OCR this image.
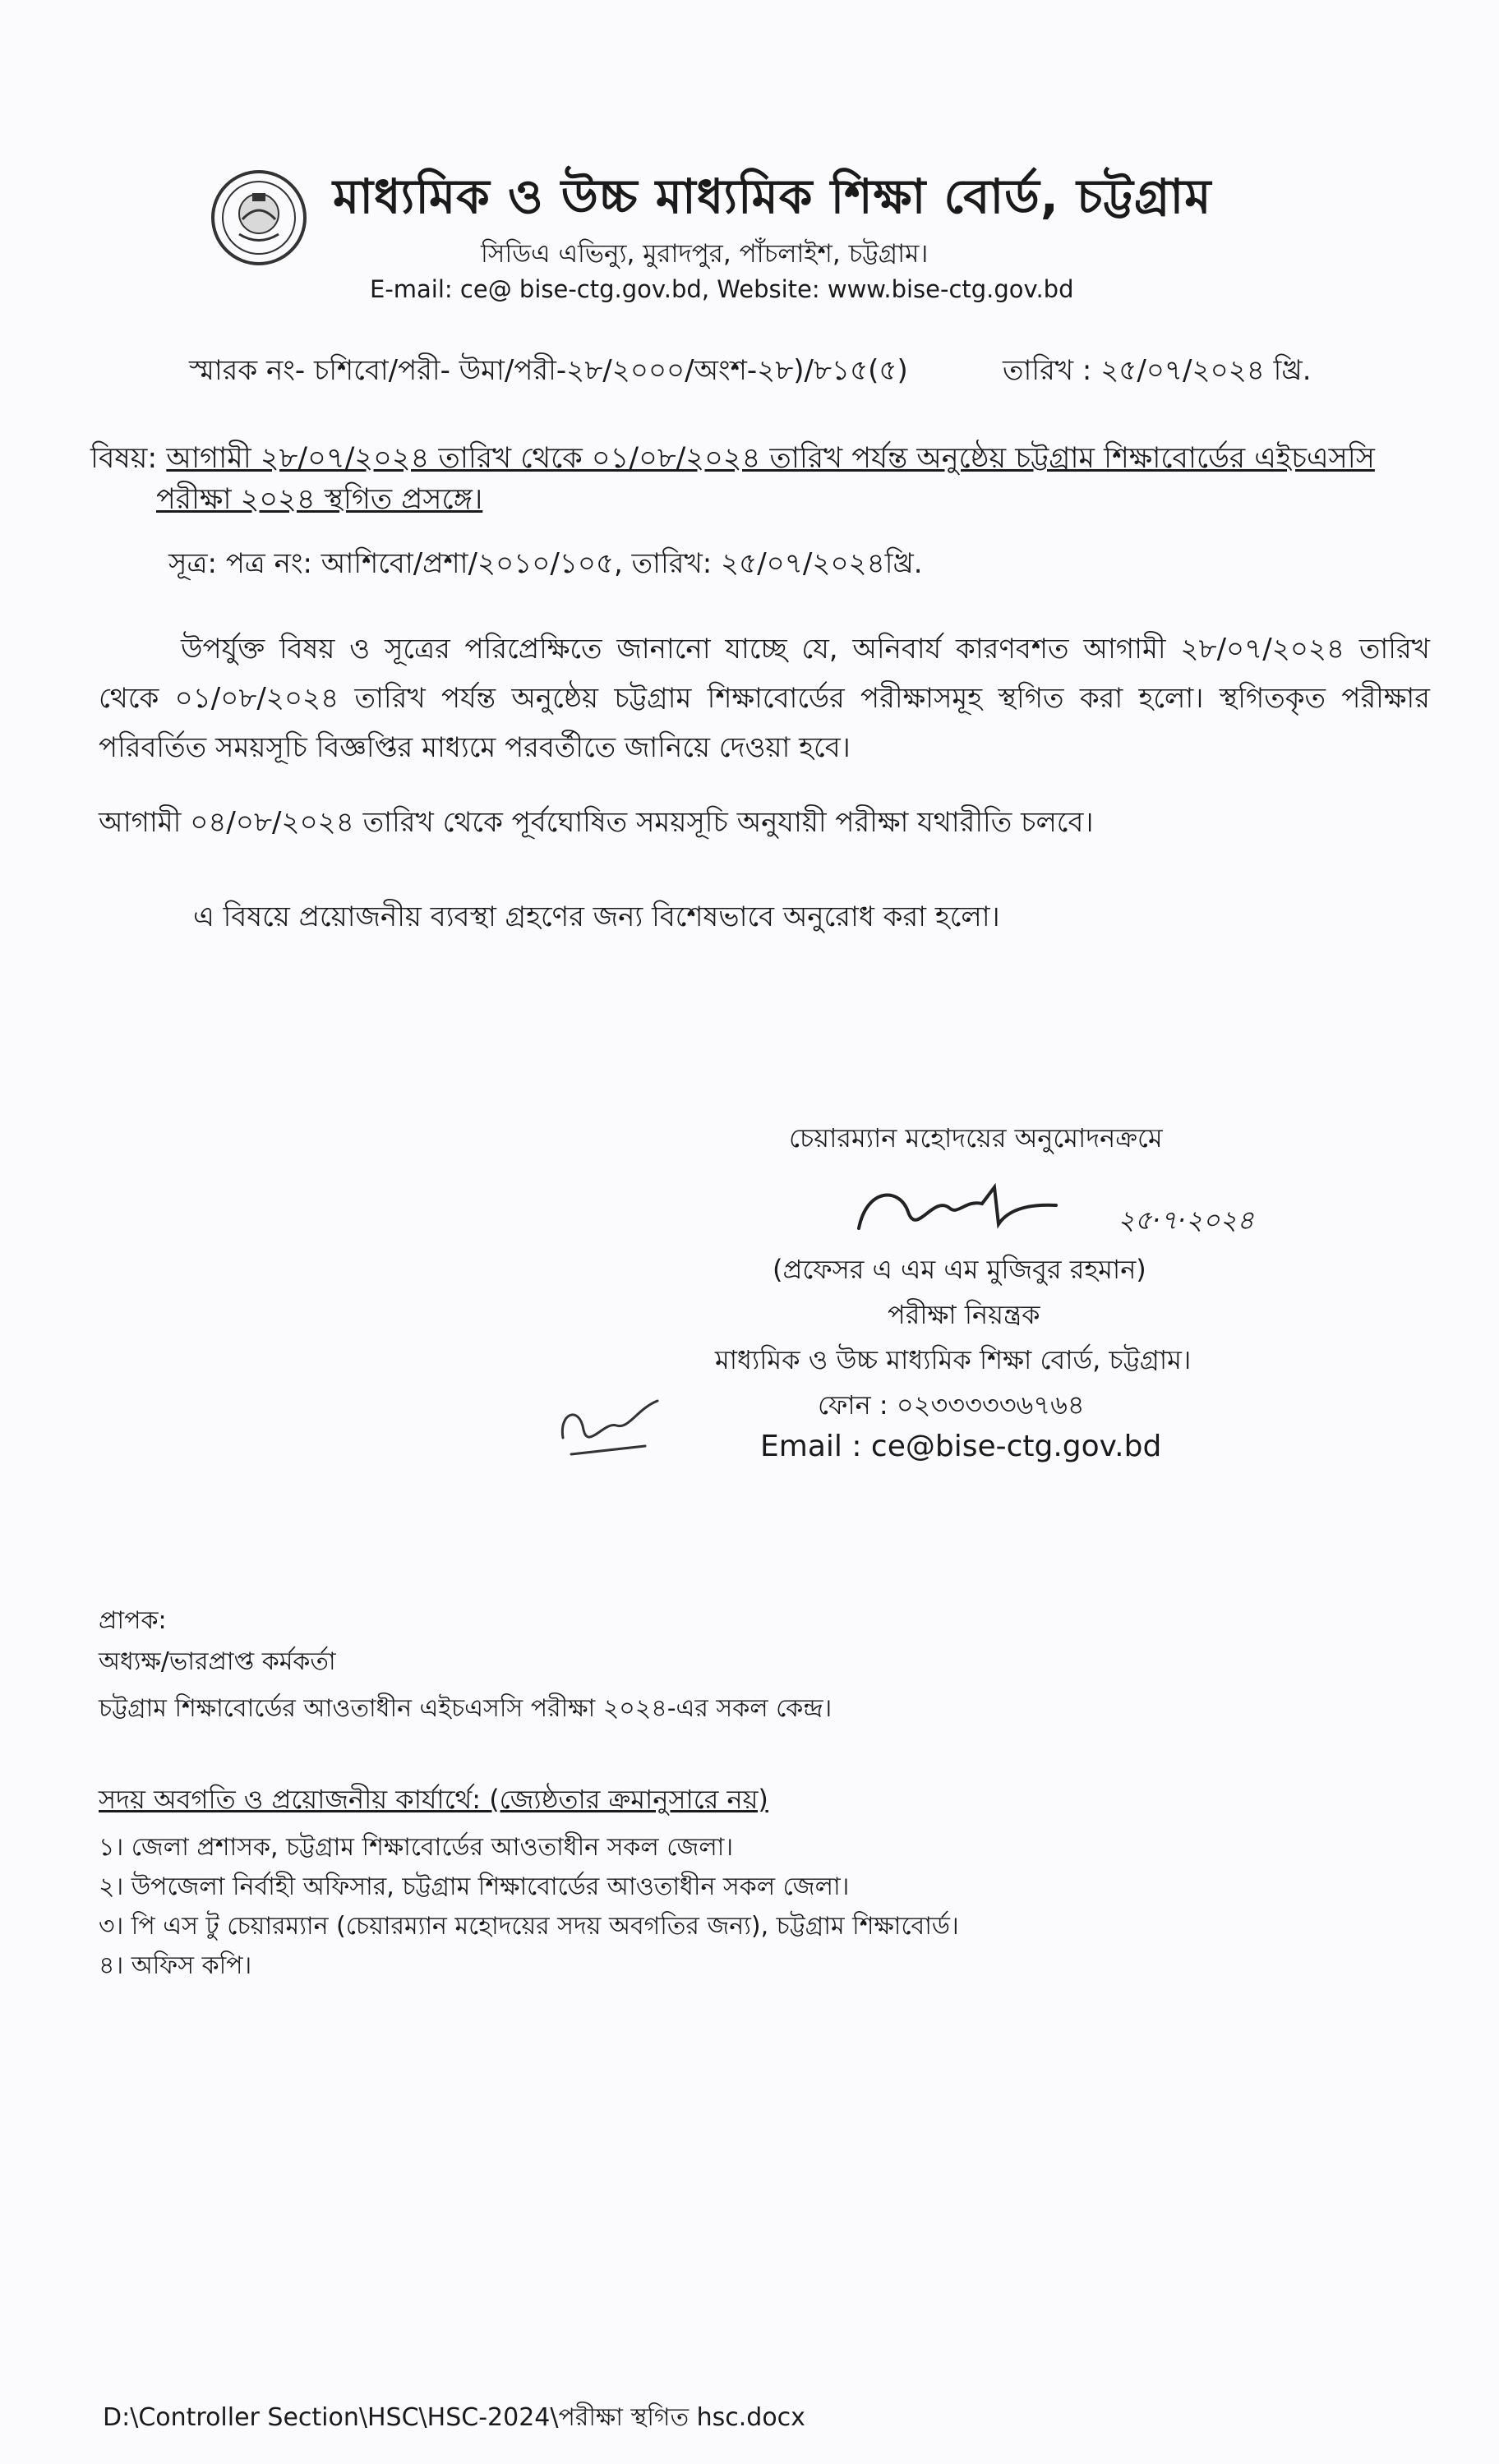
মাধ্যমিক ও উচ্চ মাধ্যমিক শিক্ষা বোর্ড, চট্টগ্রাম
সিডিএ এভিন্যু, মুরাদপুর, পাঁচলাইশ, চট্টগ্রাম।
E-mail: ce@ bise-ctg.gov.bd, Website: www.bise-ctg.gov.bd
স্মারক নং- চশিবো/পরী- উমা/পরী-২৮/২০০০/অংশ-২৮)/৮১৫(৫)	তারিখ : ২৫/০৭/২০২৪ খ্রি.
বিষয়: আগামী ২৮/০৭/২০২৪ তারিখ থেকে ০১/০৮/২০২৪ তারিখ পর্যন্ত অনুষ্ঠেয় চট্টগ্রাম শিক্ষাবোর্ডের এইচএসসি
পরীক্ষা ২০২৪ স্থগিত প্রসঙ্গে।
সূত্র: পত্র নং: আশিবো/প্রশা/২০১০/১০৫, তারিখ: ২৫/০৭/২০২৪খ্রি.
উপর্যুক্ত বিষয় ও সূত্রের পরিপ্রেক্ষিতে জানানো যাচ্ছে যে, অনিবার্য কারণবশত আগামী ২৮/০৭/২০২৪ তারিখ থেকে ০১/০৮/২০২৪ তারিখ পর্যন্ত অনুষ্ঠেয় চট্টগ্রাম শিক্ষাবোর্ডের পরীক্ষাসমূহ স্থগিত করা হলো। স্থগিতকৃত পরীক্ষার পরিবর্তিত সময়সূচি বিজ্ঞপ্তির মাধ্যমে পরবর্তীতে জানিয়ে দেওয়া হবে।
আগামী ০৪/০৮/২০২৪ তারিখ থেকে পূর্বঘোষিত সময়সূচি অনুযায়ী পরীক্ষা যথারীতি চলবে।
এ বিষয়ে প্রয়োজনীয় ব্যবস্থা গ্রহণের জন্য বিশেষভাবে অনুরোধ করা হলো।
চেয়ারম্যান মহোদয়ের অনুমোদনক্রমে
২৫·৭·২০২৪
(প্রফেসর এ এম এম মুজিবুর রহমান)
পরীক্ষা নিয়ন্ত্রক
মাধ্যমিক ও উচ্চ মাধ্যমিক শিক্ষা বোর্ড, চট্টগ্রাম।
ফোন : ০২৩৩৩৩৩৬৭৬৪
Email : ce@bise-ctg.gov.bd
প্রাপক:
অধ্যক্ষ/ভারপ্রাপ্ত কর্মকর্তা
চট্টগ্রাম শিক্ষাবোর্ডের আওতাধীন এইচএসসি পরীক্ষা ২০২৪-এর সকল কেন্দ্র।
সদয় অবগতি ও প্রয়োজনীয় কার্যার্থে: (জ্যেষ্ঠতার ক্রমানুসারে নয়)
১। জেলা প্রশাসক, চট্টগ্রাম শিক্ষাবোর্ডের আওতাধীন সকল জেলা।
২। উপজেলা নির্বাহী অফিসার, চট্টগ্রাম শিক্ষাবোর্ডের আওতাধীন সকল জেলা।
৩। পি এস টু চেয়ারম্যান (চেয়ারম্যান মহোদয়ের সদয় অবগতির জন্য), চট্টগ্রাম শিক্ষাবোর্ড।
৪। অফিস কপি।
D:\Controller Section\HSC\HSC-2024\পরীক্ষা স্থগিত hsc.docx
